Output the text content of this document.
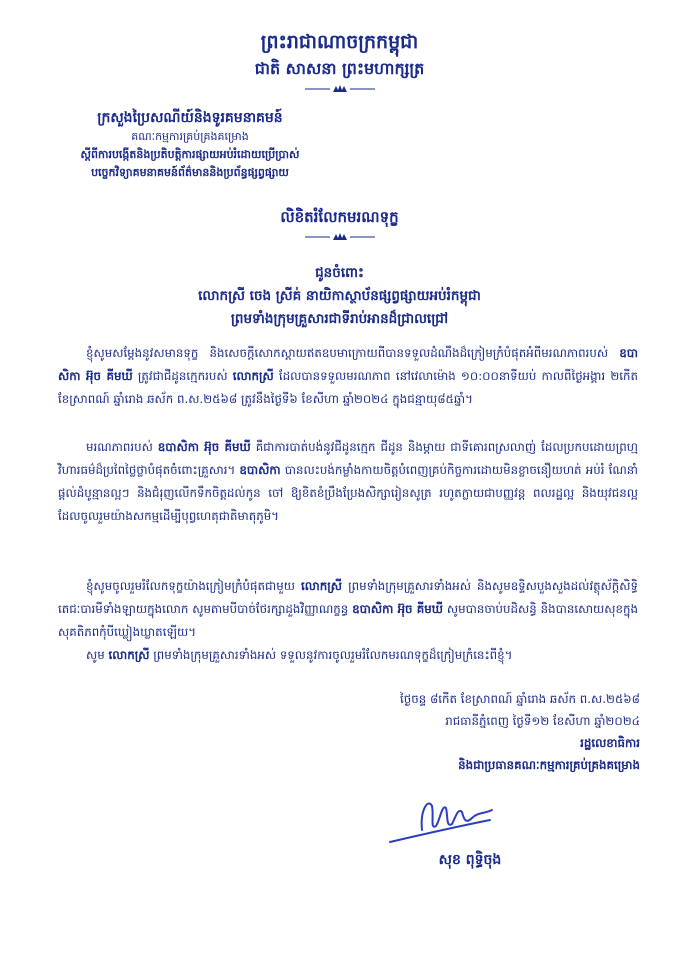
ព្រះរាជាណាចក្រកម្ពុជា
ជាតិ សាសនា ព្រះមហាក្សត្រ
ក្រសួងប្រៃសណីយ៍និងទូរគមនាគមន៍
គណៈកម្មការគ្រប់គ្រងគម្រោង
ស្តីពីការបង្កើតនិងប្រតិបត្តិការផ្សាយអប់រំដោយប្រើប្រាស់
បច្ចេកវិទ្យាគមនាគមន៍ព័ត៌មាននិងប្រព័ន្ធផ្សព្វផ្សាយ
លិខិតរំលែកមរណទុក្ខ
ជូនចំពោះ
លោកស្រី ចេង ស្រីគ់ នាយិកាស្ថាប័នផ្សព្វផ្សាយអប់រំកម្ពុជា
ព្រមទាំងក្រុមគ្រួសារជាទីរាប់អានដ៏ជ្រាលជ្រៅ
ខ្ញុំសូមសម្តែងនូវសមានទុក្ខ និងសេចក្តីសោកស្តាយឥតឧបមាក្រោយពីបានទទួលដំណឹងដ៏ក្រៀមក្រំបំផុតអំពីមរណភាពរបស់ ឧបាសិកា អ៊ុច គីមឃី ត្រូវជាជីដូនក្មេករបស់ លោកស្រី ដែលបានទទួលមរណភាព នៅវេលាម៉ោង ១០:០០នាទីយប់ កាលពីថ្ងៃអង្គារ ២កើត ខែស្រាពណ៍ ឆ្នាំរោង ឆស័ក ព.ស.២៥៦៨ ត្រូវនឹងថ្ងៃទី៦ ខែសីហា ឆ្នាំ២០២៤ ក្នុងជន្មាយុ៨៥ឆ្នាំ។
មរណភាពរបស់ ឧបាសិកា អ៊ុច គីមឃី គឺជាការបាត់បង់នូវជីដូនក្មេក ជីដូន និងម្តាយ ជាទីគោរពស្រលាញ់ ដែលប្រកបដោយព្រហ្មវិហារធម៌ដ៏ប្រពៃថ្លៃថ្លាបំផុតចំពោះគ្រួសារ។ ឧបាសិកា បានលះបង់កម្លាំងកាយចិត្តបំពេញគ្រប់កិច្ចការដោយមិនខ្លាចនឿយហត់ អប់រំ ណែនាំ ផ្តល់ដំបូន្មានល្អៗ និងជំរុញលើកទឹកចិត្តដល់កូន ចៅ ឱ្យខិតខំប្រឹងប្រែងសិក្សារៀនសូត្រ រហូតក្លាយជាបញ្ញវន្ត ពលរដ្ឋល្អ និងយុវជនល្អ ដែលចូលរួមយ៉ាងសកម្មដើម្បីបុព្វហេតុជាតិមាតុភូមិ។
ខ្ញុំសូមចូលរួមរំលែកទុក្ខយ៉ាងក្រៀមក្រំបំផុតជាមួយ លោកស្រី ព្រមទាំងក្រុមគ្រួសារទាំងអស់ និងសូមឧទ្ទិសបួងសួងដល់វត្ថុស័ក្តិសិទ្ធិតេជៈបារមីទាំងឡាយក្នុងលោក សូមតាមបីបាច់ថែរក្សាដួងវិញ្ញាណក្ខន្ធ ឧបាសិកា អ៊ុច គីមឃី សូមបានចាប់បដិសន្ធិ និងបានសោយសុខក្នុងសុគតិភពកុំបីឃ្លៀងឃ្លាតឡើយ។
សូម លោកស្រី ព្រមទាំងក្រុមគ្រួសារទាំងអស់ ទទួលនូវការចូលរួមរំលែកមរណទុក្ខដ៏ក្រៀមក្រំនេះពីខ្ញុំ។
ថ្ងៃចន្ទ ៨កើត ខែស្រាពណ៍ ឆ្នាំរោង ឆស័ក ព.ស.២៥៦៨
រាជធានីភ្នំពេញ ថ្ងៃទី១២ ខែសីហា ឆ្នាំ២០២៤
រដ្ឋលេខាធិការ
និងជាប្រធានគណៈកម្មការគ្រប់គ្រងគម្រោង
សុខ ពុទ្ធិចុង
